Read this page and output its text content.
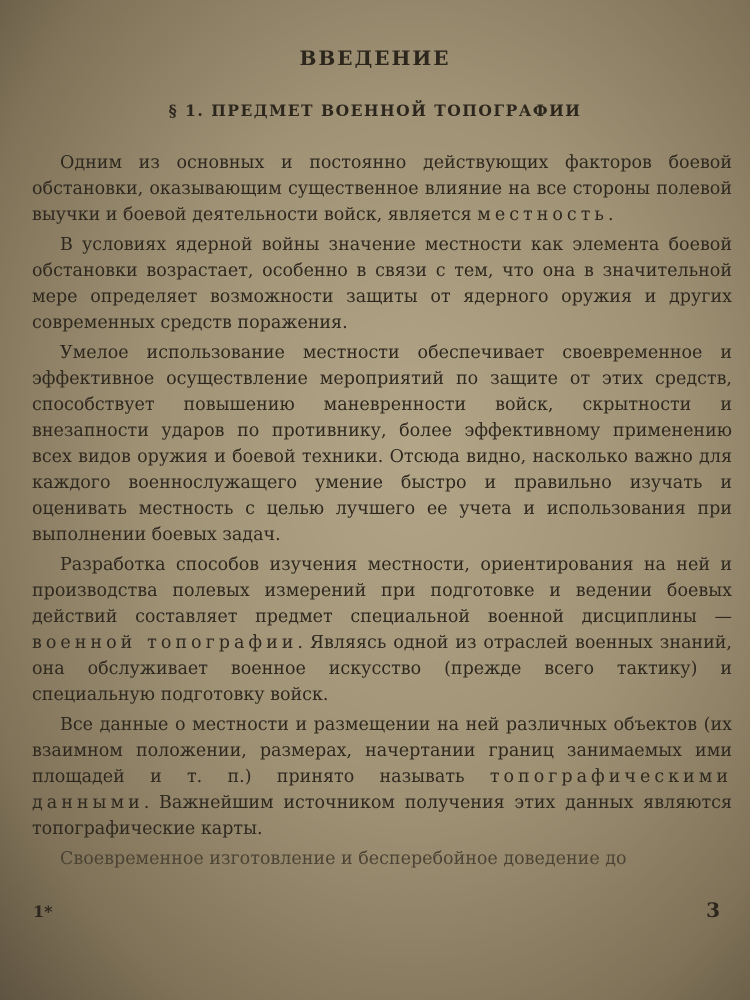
ВВЕДЕНИЕ
§ 1. ПРЕДМЕТ ВОЕННОЙ ТОПОГРАФИИ

Одним из основных и постоянно действующих факторов боевой обстановки, оказывающим существенное влияние на все стороны полевой выучки и боевой деятельности войск, является местность.

В условиях ядерной войны значение местности как элемента боевой обстановки возрастает, особенно в связи с тем, что она в значительной мере определяет возможности защиты от ядерного оружия и других современных средств поражения.

Умелое использование местности обеспечивает своевременное и эффективное осуществление мероприятий по защите от этих средств, способствует повышению маневренности войск, скрытности и внезапности ударов по противнику, более эффективному применению всех видов оружия и боевой техники. Отсюда видно, насколько важно для каждого военнослужащего умение быстро и правильно изучать и оценивать местность с целью лучшего ее учета и использования при выполнении боевых задач.

Разработка способов изучения местности, ориентирования на ней и производства полевых измерений при подготовке и ведении боевых действий составляет предмет специальной военной дисциплины — военной топографии. Являясь одной из отраслей военных знаний, она обслуживает военное искусство (прежде всего тактику) и специальную подготовку войск.

Все данные о местности и размещении на ней различных объектов (их взаимном положении, размерах, начертании границ занимаемых ими площадей и т. п.) принято называть топографическими данными. Важнейшим источником получения этих данных являются топографические карты.

Своевременное изготовление и бесперебойное доведение до

1*	3
